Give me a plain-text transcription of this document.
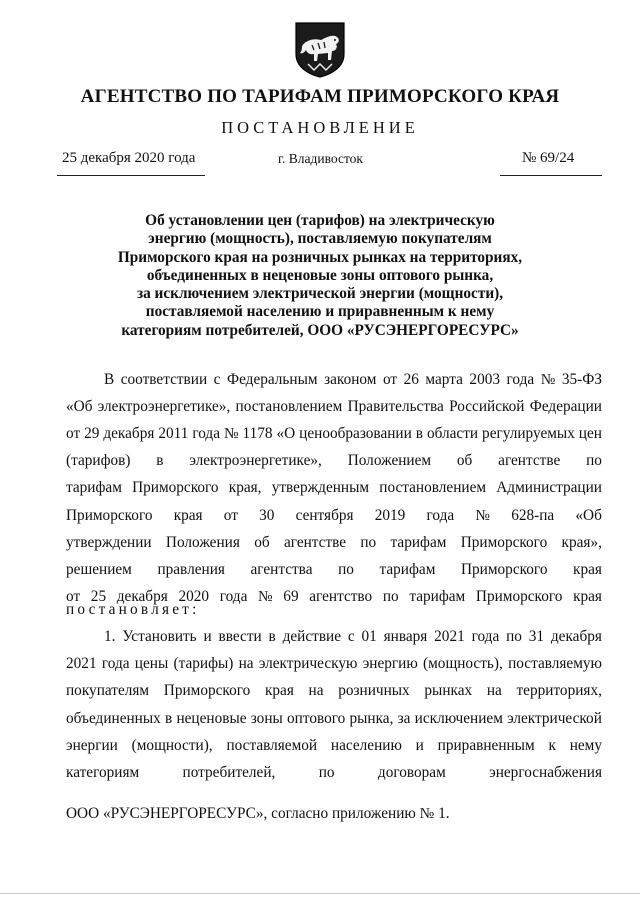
АГЕНТСТВО ПО ТАРИФАМ ПРИМОРСКОГО КРАЯ
ПОСТАНОВЛЕНИЕ
25 декабря 2020 года	г. Владивосток	№ 69/24
Об установлении цен (тарифов) на электрическую
энергию (мощность), поставляемую покупателям
Приморского края на розничных рынках на территориях,
объединенных в неценовые зоны оптового рынка,
за исключением электрической энергии (мощности),
поставляемой населению и приравненным к нему
категориям потребителей, ООО «РУСЭНЕРГОРЕСУРС»
В соответствии с Федеральным законом от 26 марта 2003 года № 35-ФЗ
«Об электроэнергетике», постановлением Правительства Российской Федерации
от 29 декабря 2011 года № 1178 «О ценообразовании в области регулируемых цен
(тарифов) в электроэнергетике», Положением об агентстве по
тарифам Приморского края, утвержденным постановлением Администрации
Приморского края от 30 сентября 2019 года № 628-па «Об
утверждении Положения об агентстве по тарифам Приморского края»,
решением правления агентства по тарифам Приморского края
от 25 декабря 2020 года № 69 агентство по тарифам Приморского края
постановляет:
1. Установить и ввести в действие с 01 января 2021 года по 31 декабря
2021 года цены (тарифы) на электрическую энергию (мощность), поставляемую
покупателям Приморского края на розничных рынках на территориях,
объединенных в неценовые зоны оптового рынка, за исключением электрической
энергии (мощности), поставляемой населению и приравненным к нему
категориям	потребителей,	по	договорам	энергоснабжения
ООО «РУСЭНЕРГОРЕСУРС», согласно приложению № 1.
